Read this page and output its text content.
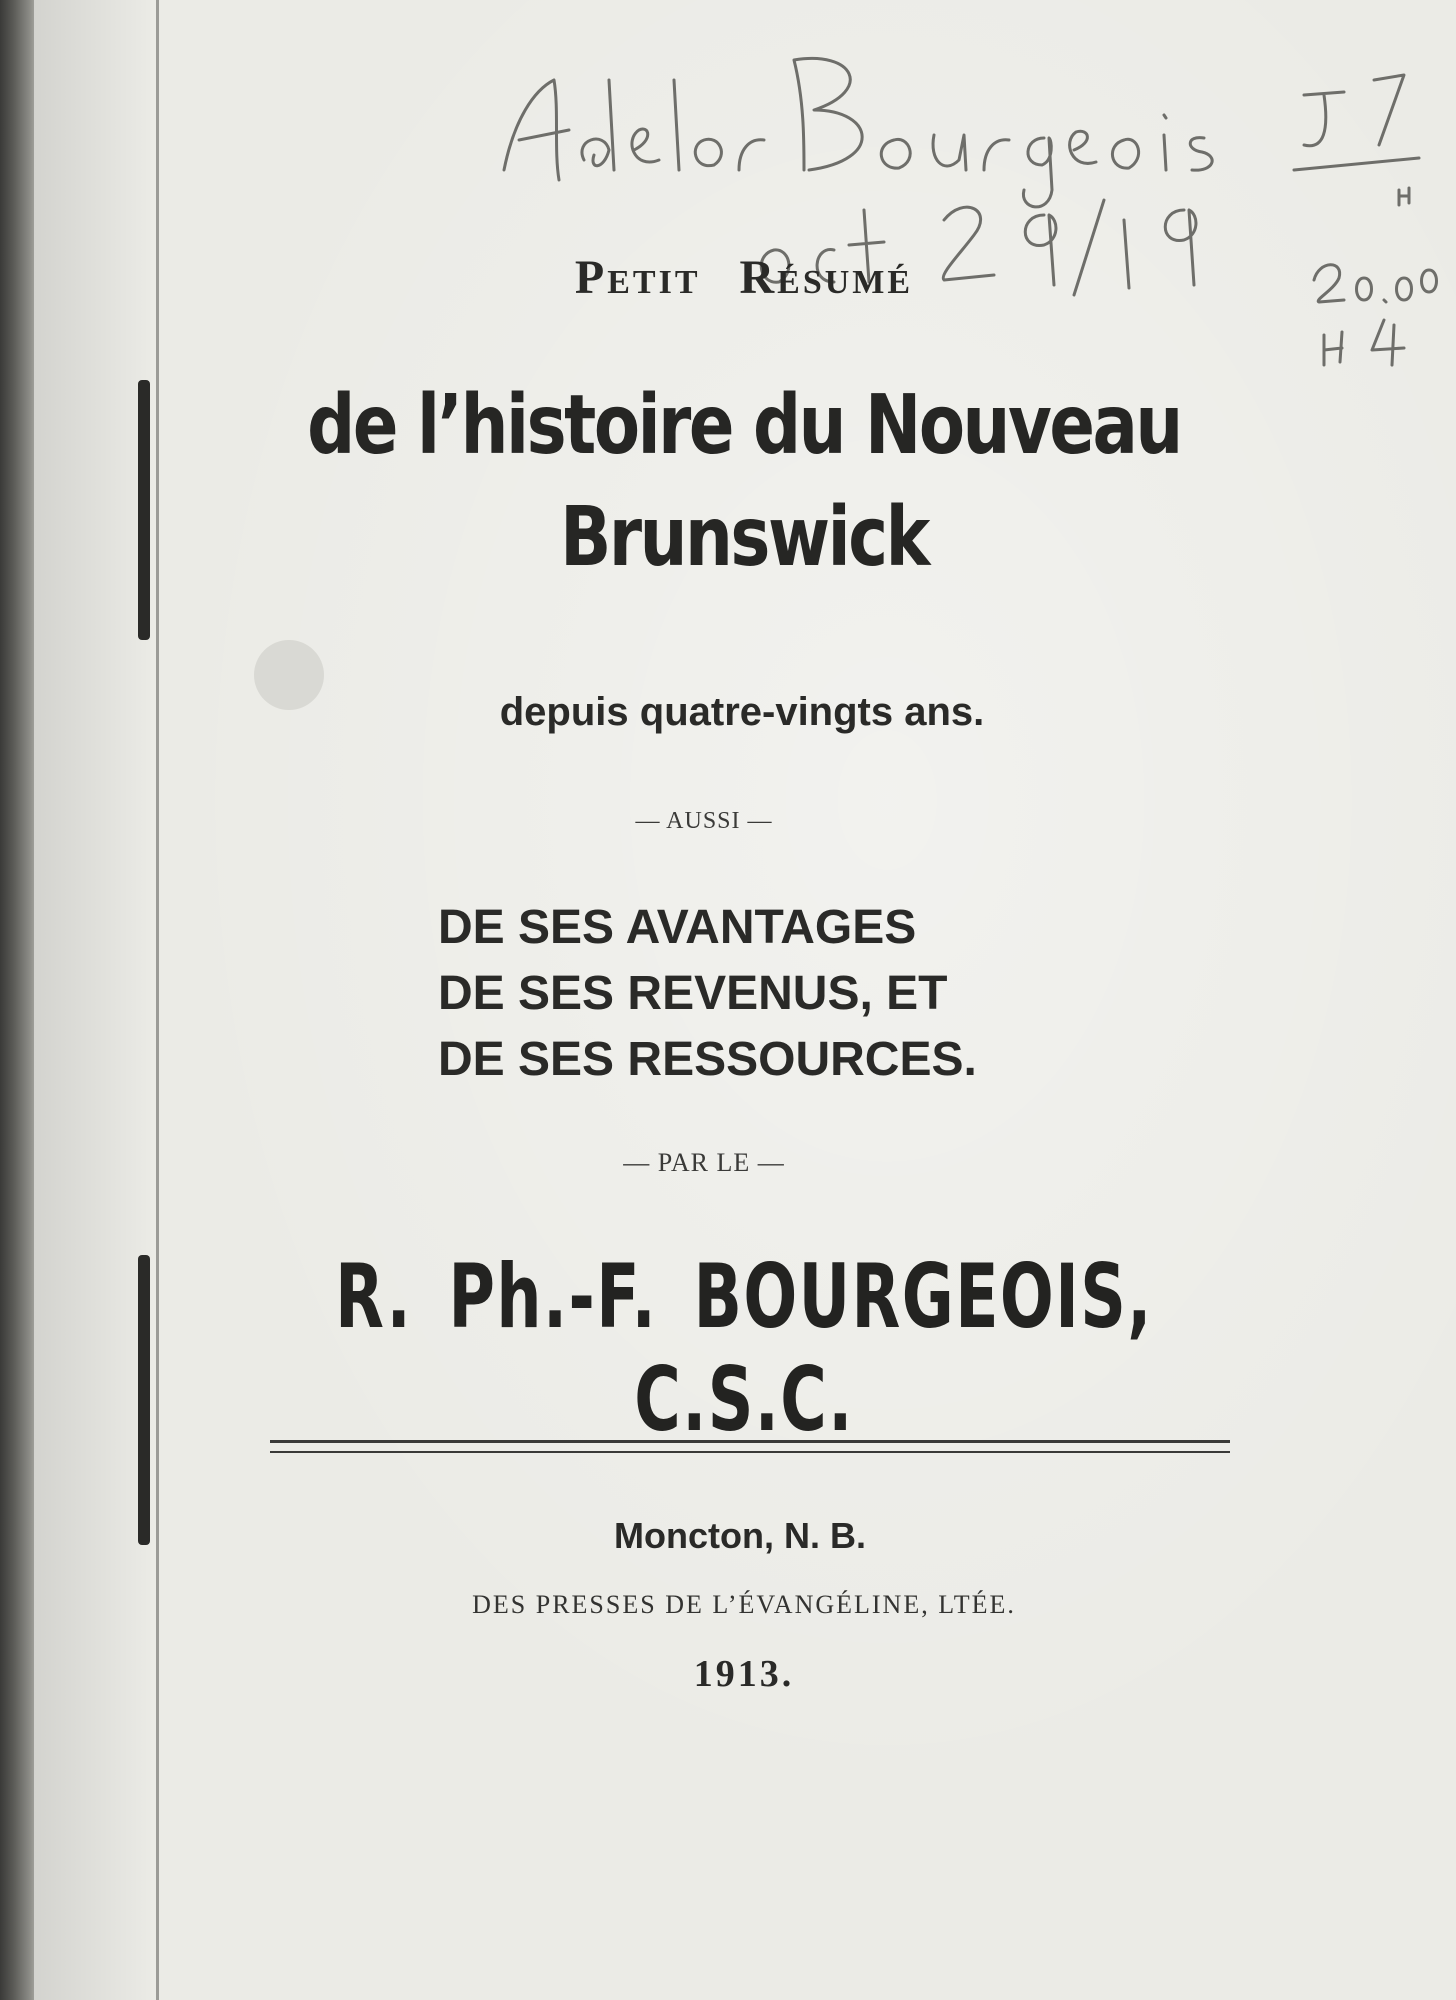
Petit Résumé
de l’histoire du Nouveau
Brunswick
depuis quatre-vingts ans.
— AUSSI —
DE SES AVANTAGES
DE SES REVENUS, ET
DE SES RESSOURCES.
— PAR LE —
R. Ph.-F. BOURGEOIS, C.S.C.
Moncton, N. B.
DES PRESSES DE L’ÉVANGÉLINE, LTÉE.
1913.
